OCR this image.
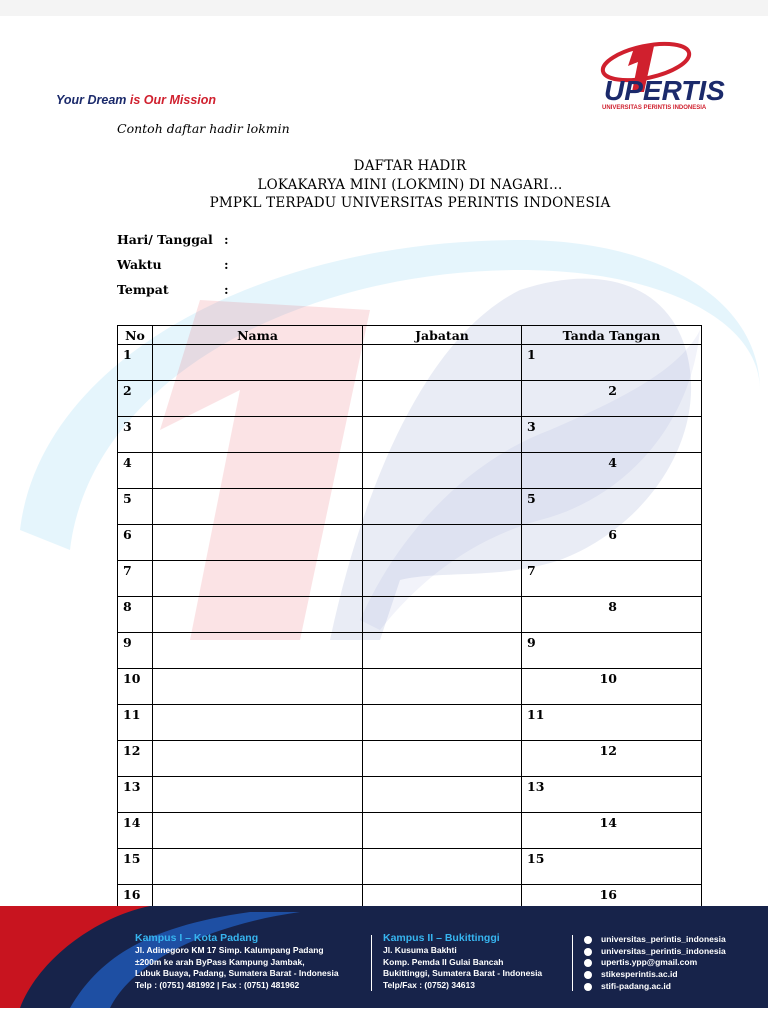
Your Dream is Our Mission	UPERTIS
UNIVERSITAS PERINTIS INDONESIA
Contoh daftar hadir lokmin
DAFTAR HADIR
LOKAKARYA MINI (LOKMIN) DI NAGARI…
PMPKL TERPADU UNIVERSITAS PERINTIS INDONESIA
Hari/ Tanggal :
Waktu	:
Tempat	:
No	Nama	Jabatan	Tanda Tangan
1			1
2			2
3			3
4			4
5			5
6			6
7			7
8			8
9			9
10			10
11			11
12			12
13			13
14			14
15			15
16			16

Kampus I – Kota Padang
Jl. Adinegoro KM 17 Simp. Kalumpang Padang
±200m ke arah ByPass Kampung Jambak,
Lubuk Buaya, Padang, Sumatera Barat - Indonesia
Telp : (0751) 481992 | Fax : (0751) 481962
Kampus II – Bukittinggi
Jl. Kusuma Bakhti
Komp. Pemda II Gulai Bancah
Bukittinggi, Sumatera Barat - Indonesia
Telp/Fax : (0752) 34613
universitas_perintis_indonesia
universitas_perintis_indonesia
upertis.ypp@gmail.com
stikesperintis.ac.id
stifi-padang.ac.id
